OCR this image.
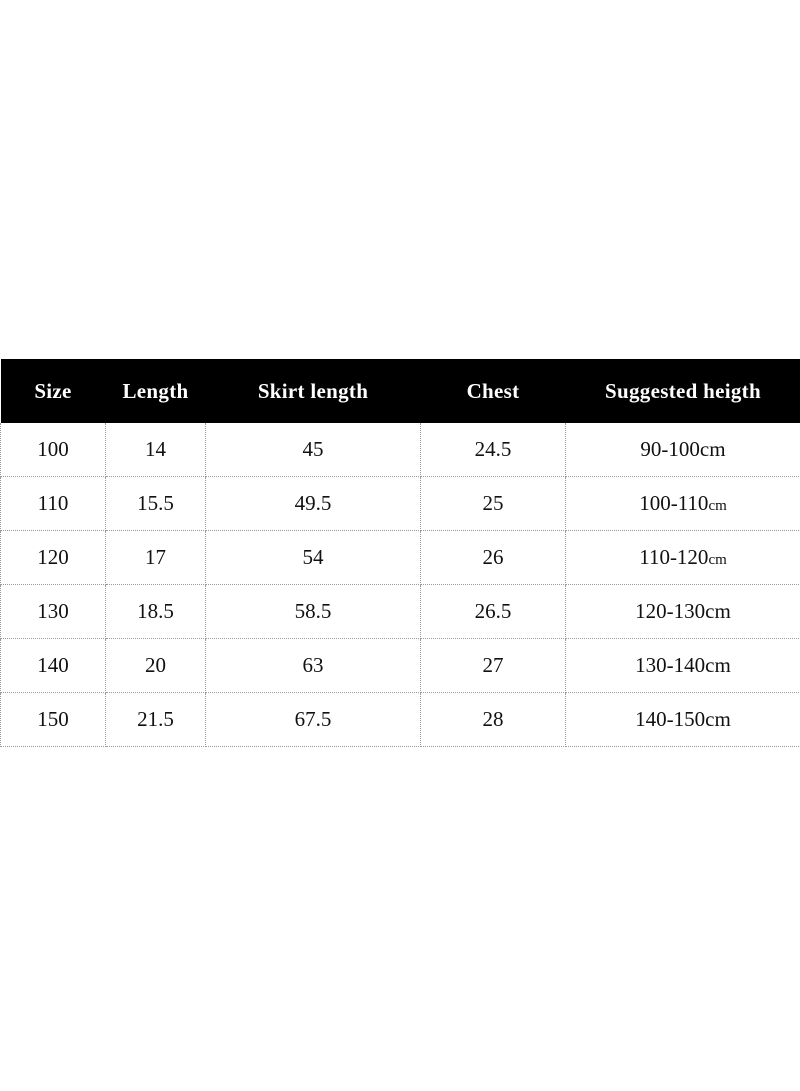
Size	Length	Skirt length	Chest	Suggested heigth
100	14	45	24.5	90-100cm
110	15.5	49.5	25	100-110cm
120	17	54	26	110-120cm
130	18.5	58.5	26.5	120-130cm
140	20	63	27	130-140cm
150	21.5	67.5	28	140-150cm
